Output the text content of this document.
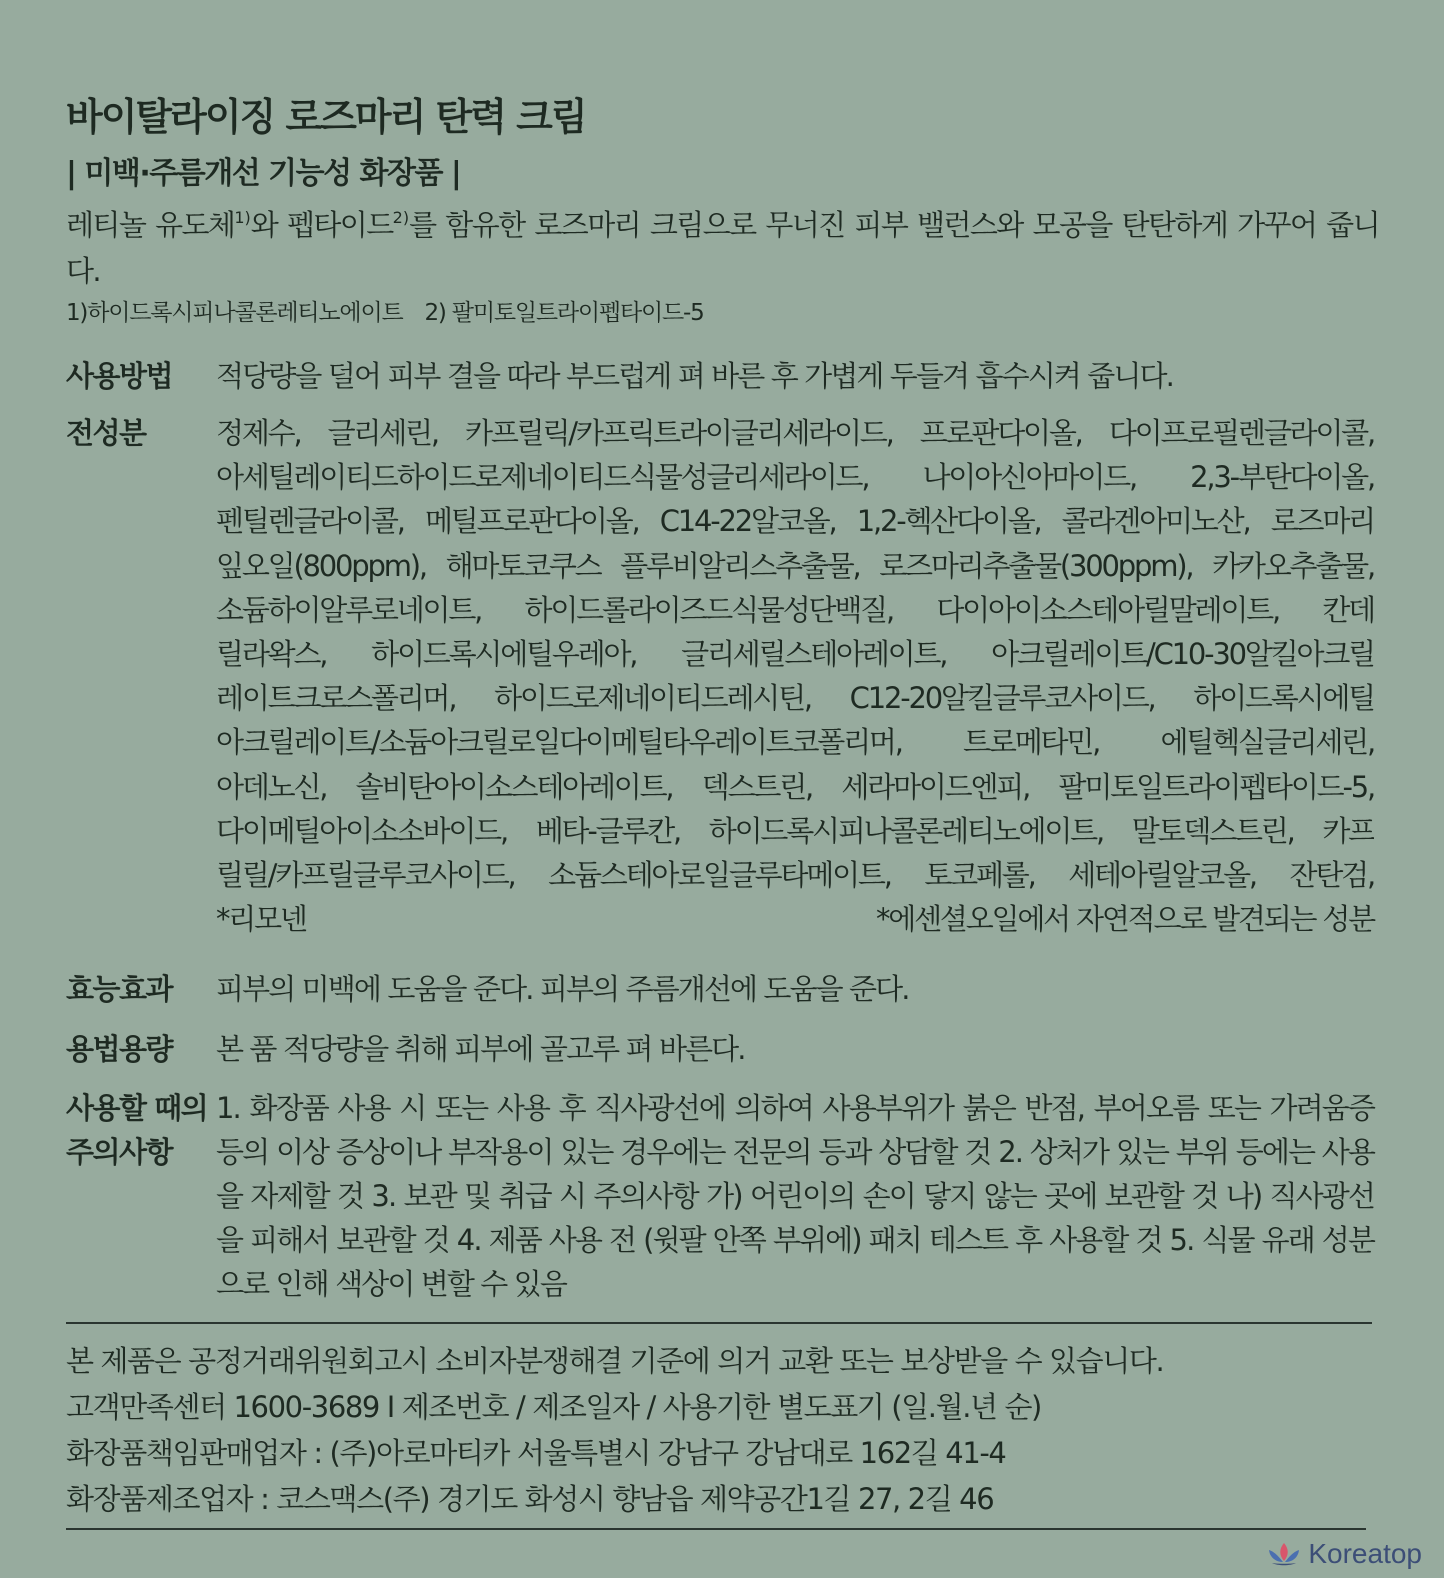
바이탈라이징 로즈마리 탄력 크림
| 미백·주름개선 기능성 화장품 |
레티놀 유도체$^{1)}$와 펩타이드$^{2)}$를 함유한 로즈마리 크림으로 무너진 피부 밸런스와 모공을 탄탄하게 가꾸어 줍니다.
1)하이드록시피나콜론레티노에이트 2) 팔미토일트라이펩타이드-5
사용방법 적당량을 덜어 피부 결을 따라 부드럽게 펴 바른 후 가볍게 두들겨 흡수시켜 줍니다.
전성분 정제수, 글리세린, 카프릴릭/카프릭트라이글리세라이드, 프로판다이올, 다이프로필렌글라이콜,
아세틸레이티드하이드로제네이티드식물성글리세라이드, 나이아신아마이드, 2,3-부탄다이올,
펜틸렌글라이콜, 메틸프로판다이올, C14-22알코올, 1,2-헥산다이올, 콜라겐아미노산, 로즈마리
잎오일(800ppm), 해마토코쿠스 플루비알리스추출물, 로즈마리추출물(300ppm), 카카오추출물,
소듐하이알루로네이트, 하이드롤라이즈드식물성단백질, 다이아이소스테아릴말레이트, 칸데
릴라왁스, 하이드록시에틸우레아, 글리세릴스테아레이트, 아크릴레이트/C10-30알킬아크릴
레이트크로스폴리머, 하이드로제네이티드레시틴, C12-20알킬글루코사이드, 하이드록시에틸
아크릴레이트/소듐아크릴로일다이메틸타우레이트코폴리머, 트로메타민, 에틸헥실글리세린,
아데노신, 솔비탄아이소스테아레이트, 덱스트린, 세라마이드엔피, 팔미토일트라이펩타이드-5,
다이메틸아이소소바이드, 베타-글루칸, 하이드록시피나콜론레티노에이트, 말토덱스트린, 카프
릴릴/카프릴글루코사이드, 소듐스테아로일글루타메이트, 토코페롤, 세테아릴알코올, 잔탄검,
*리모넨	*에센셜오일에서 자연적으로 발견되는 성분
효능효과 피부의 미백에 도움을 준다. 피부의 주름개선에 도움을 준다.
용법용량 본 품 적당량을 취해 피부에 골고루 펴 바른다.
사용할 때의
주의사항
1. 화장품 사용 시 또는 사용 후 직사광선에 의하여 사용부위가 붉은 반점, 부어오름 또는 가려움증 등의 이상 증상이나 부작용이 있는 경우에는 전문의 등과 상담할 것 2. 상처가 있는 부위 등에는 사용을 자제할 것 3. 보관 및 취급 시 주의사항 가) 어린이의 손이 닿지 않는 곳에 보관할 것 나) 직사광선을 피해서 보관할 것 4. 제품 사용 전 (윗팔 안쪽 부위에) 패치 테스트 후 사용할 것 5. 식물 유래 성분으로 인해 색상이 변할 수 있음
본 제품은 공정거래위원회고시 소비자분쟁해결 기준에 의거 교환 또는 보상받을 수 있습니다.
고객만족센터 1600-3689 I 제조번호 / 제조일자 / 사용기한 별도표기 (일.월.년 순)
화장품책임판매업자 : (주)아로마티카 서울특별시 강남구 강남대로 162길 41-4
화장품제조업자 : 코스맥스(주) 경기도 화성시 향남읍 제약공간1길 27, 2길 46
Koreatop
